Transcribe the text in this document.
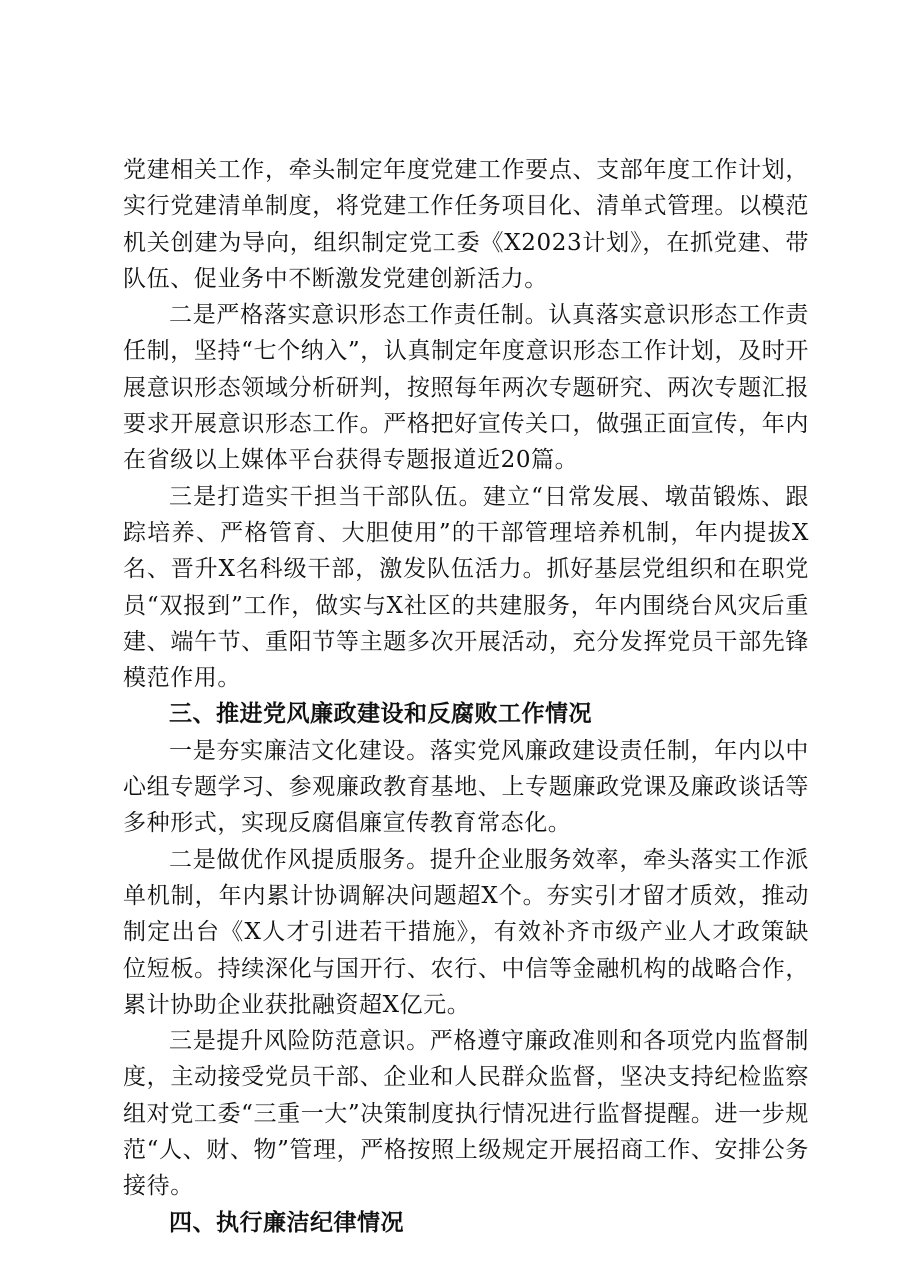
党建相关工作，牵头制定年度党建工作要点、支部年度工作计划，实行党建清单制度，将党建工作任务项目化、清单式管理。以模范机关创建为导向，组织制定党工委《X2023计划》，在抓党建、带队伍、促业务中不断激发党建创新活力。

二是严格落实意识形态工作责任制。认真落实意识形态工作责任制，坚持“七个纳入”，认真制定年度意识形态工作计划，及时开展意识形态领域分析研判，按照每年两次专题研究、两次专题汇报要求开展意识形态工作。严格把好宣传关口，做强正面宣传，年内在省级以上媒体平台获得专题报道近20篇。

三是打造实干担当干部队伍。建立“日常发展、墩苗锻炼、跟踪培养、严格管育、大胆使用”的干部管理培养机制，年内提拔X名、晋升X名科级干部，激发队伍活力。抓好基层党组织和在职党员“双报到”工作，做实与X社区的共建服务，年内围绕台风灾后重建、端午节、重阳节等主题多次开展活动，充分发挥党员干部先锋模范作用。

三、推进党风廉政建设和反腐败工作情况

一是夯实廉洁文化建设。落实党风廉政建设责任制，年内以中心组专题学习、参观廉政教育基地、上专题廉政党课及廉政谈话等多种形式，实现反腐倡廉宣传教育常态化。

二是做优作风提质服务。提升企业服务效率，牵头落实工作派单机制，年内累计协调解决问题超X个。夯实引才留才质效，推动制定出台《X人才引进若干措施》，有效补齐市级产业人才政策缺位短板。持续深化与国开行、农行、中信等金融机构的战略合作，累计协助企业获批融资超X亿元。

三是提升风险防范意识。严格遵守廉政准则和各项党内监督制度，主动接受党员干部、企业和人民群众监督，坚决支持纪检监察组对党工委“三重一大”决策制度执行情况进行监督提醒。进一步规范“人、财、物”管理，严格按照上级规定开展招商工作、安排公务接待。

四、执行廉洁纪律情况
